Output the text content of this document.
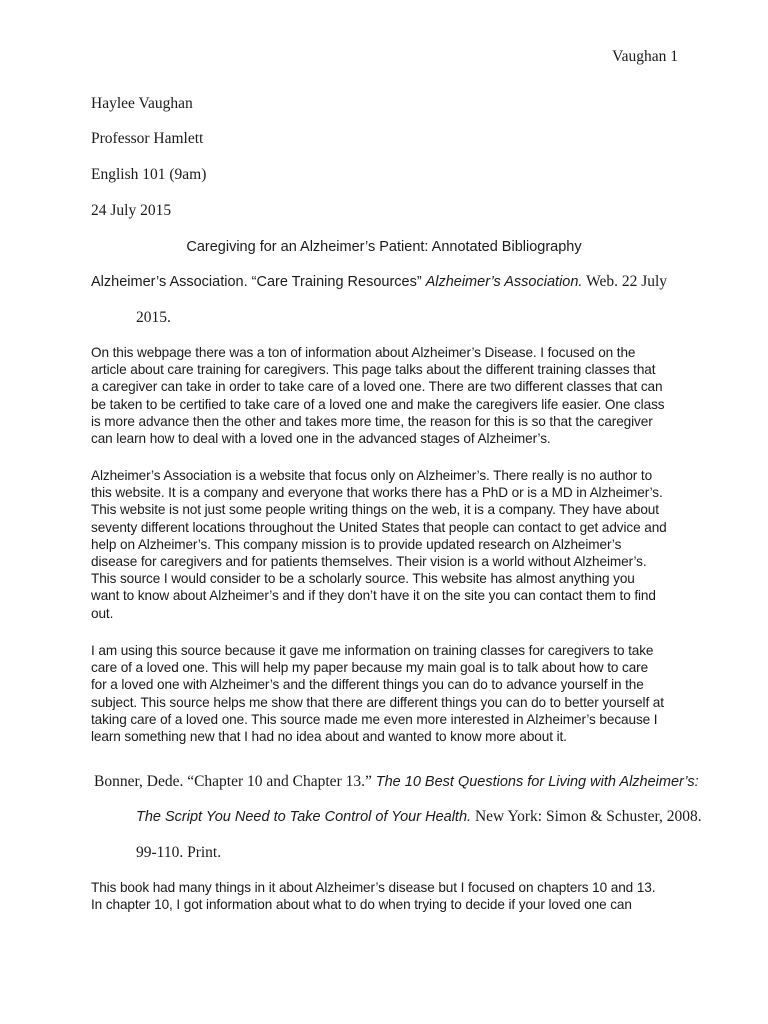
Vaughan 1
Haylee Vaughan
Professor Hamlett
English 101 (9am)
24 July 2015
Caregiving for an Alzheimer’s Patient: Annotated Bibliography
Alzheimer’s Association. “Care Training Resources” Alzheimer’s Association. Web. 22 July
2015.
On this webpage there was a ton of information about Alzheimer’s Disease. I focused on the
article about care training for caregivers. This page talks about the different training classes that
a caregiver can take in order to take care of a loved one. There are two different classes that can
be taken to be certified to take care of a loved one and make the caregivers life easier. One class
is more advance then the other and takes more time, the reason for this is so that the caregiver
can learn how to deal with a loved one in the advanced stages of Alzheimer’s.
Alzheimer’s Association is a website that focus only on Alzheimer’s. There really is no author to
this website. It is a company and everyone that works there has a PhD or is a MD in Alzheimer’s.
This website is not just some people writing things on the web, it is a company. They have about
seventy different locations throughout the United States that people can contact to get advice and
help on Alzheimer’s. This company mission is to provide updated research on Alzheimer’s
disease for caregivers and for patients themselves. Their vision is a world without Alzheimer’s.
This source I would consider to be a scholarly source. This website has almost anything you
want to know about Alzheimer’s and if they don’t have it on the site you can contact them to find
out.
I am using this source because it gave me information on training classes for caregivers to take
care of a loved one. This will help my paper because my main goal is to talk about how to care
for a loved one with Alzheimer’s and the different things you can do to advance yourself in the
subject. This source helps me show that there are different things you can do to better yourself at
taking care of a loved one. This source made me even more interested in Alzheimer’s because I
learn something new that I had no idea about and wanted to know more about it.
Bonner, Dede. “Chapter 10 and Chapter 13.” The 10 Best Questions for Living with Alzheimer’s:
The Script You Need to Take Control of Your Health. New York: Simon & Schuster, 2008.
99-110. Print.
This book had many things in it about Alzheimer’s disease but I focused on chapters 10 and 13.
In chapter 10, I got information about what to do when trying to decide if your loved one can
